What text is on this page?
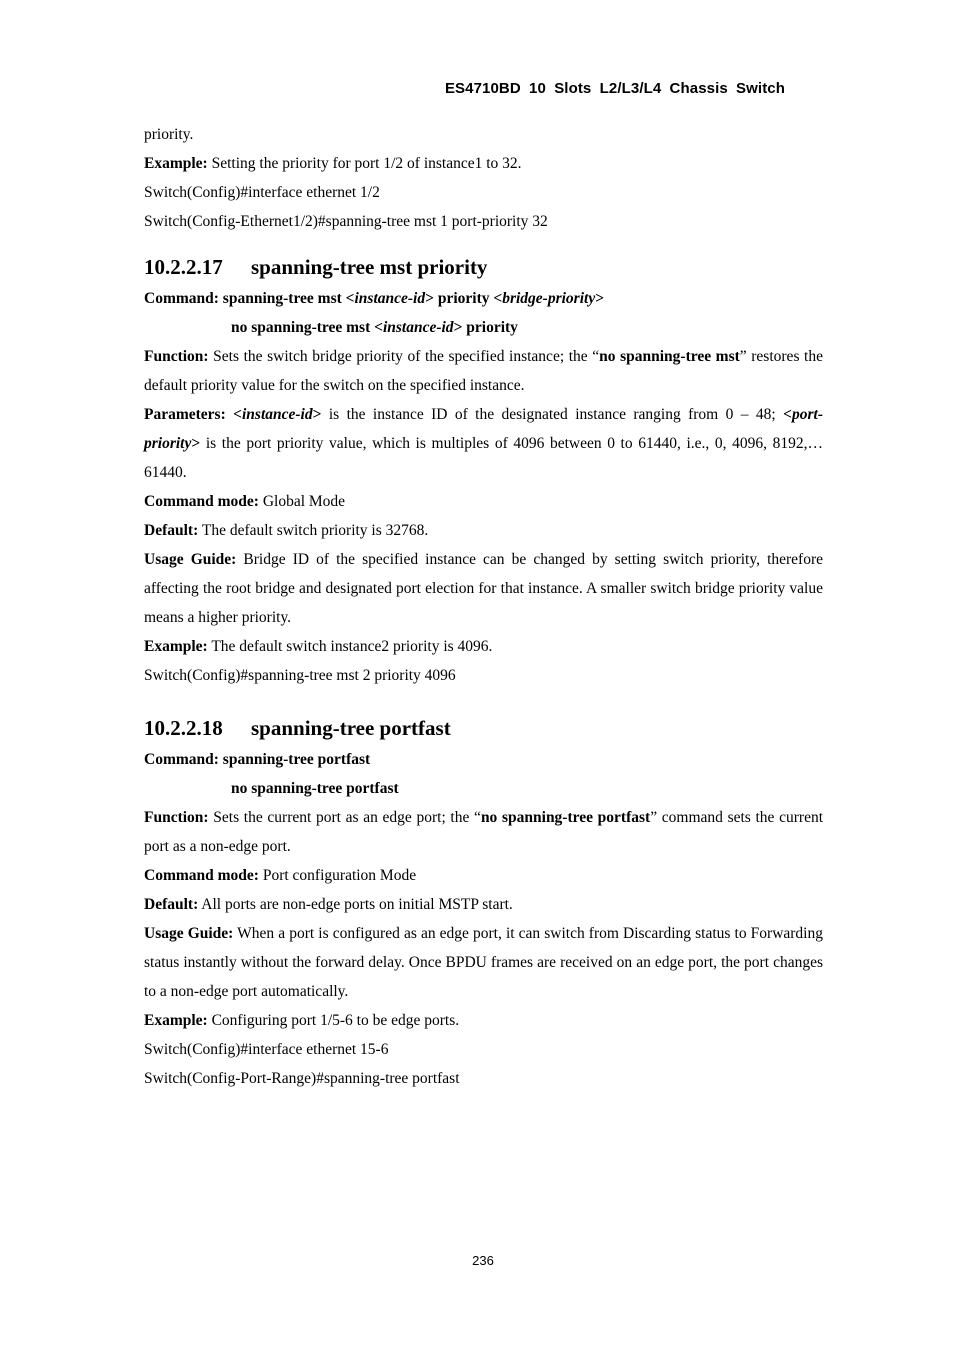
ES4710BD 10 Slots L2/L3/L4 Chassis Switch

priority.

Example: Setting the priority for port 1/2 of instance1 to 32.

Switch(Config)#interface ethernet 1/2

Switch(Config-Ethernet1/2)#spanning-tree mst 1 port-priority 32

10.2.2.17 spanning-tree mst priority

Command: spanning-tree mst <instance-id> priority <bridge-priority>

no spanning-tree mst <instance-id> priority

Function: Sets the switch bridge priority of the specified instance; the “no spanning-tree mst” restores the default priority value for the switch on the specified instance.

Parameters: <instance-id> is the instance ID of the designated instance ranging from 0 – 48; <port-priority> is the port priority value, which is multiples of 4096 between 0 to 61440, i.e., 0, 4096, 8192,… 61440.

Command mode: Global Mode

Default: The default switch priority is 32768.

Usage Guide: Bridge ID of the specified instance can be changed by setting switch priority, therefore affecting the root bridge and designated port election for that instance. A smaller switch bridge priority value means a higher priority.

Example: The default switch instance2 priority is 4096.

Switch(Config)#spanning-tree mst 2 priority 4096

10.2.2.18 spanning-tree portfast

Command: spanning-tree portfast

no spanning-tree portfast

Function: Sets the current port as an edge port; the “no spanning-tree portfast” command sets the current port as a non-edge port.

Command mode: Port configuration Mode

Default: All ports are non-edge ports on initial MSTP start.

Usage Guide: When a port is configured as an edge port, it can switch from Discarding status to Forwarding status instantly without the forward delay. Once BPDU frames are received on an edge port, the port changes to a non-edge port automatically.

Example: Configuring port 1/5-6 to be edge ports.

Switch(Config)#interface ethernet 15-6

Switch(Config-Port-Range)#spanning-tree portfast

236
